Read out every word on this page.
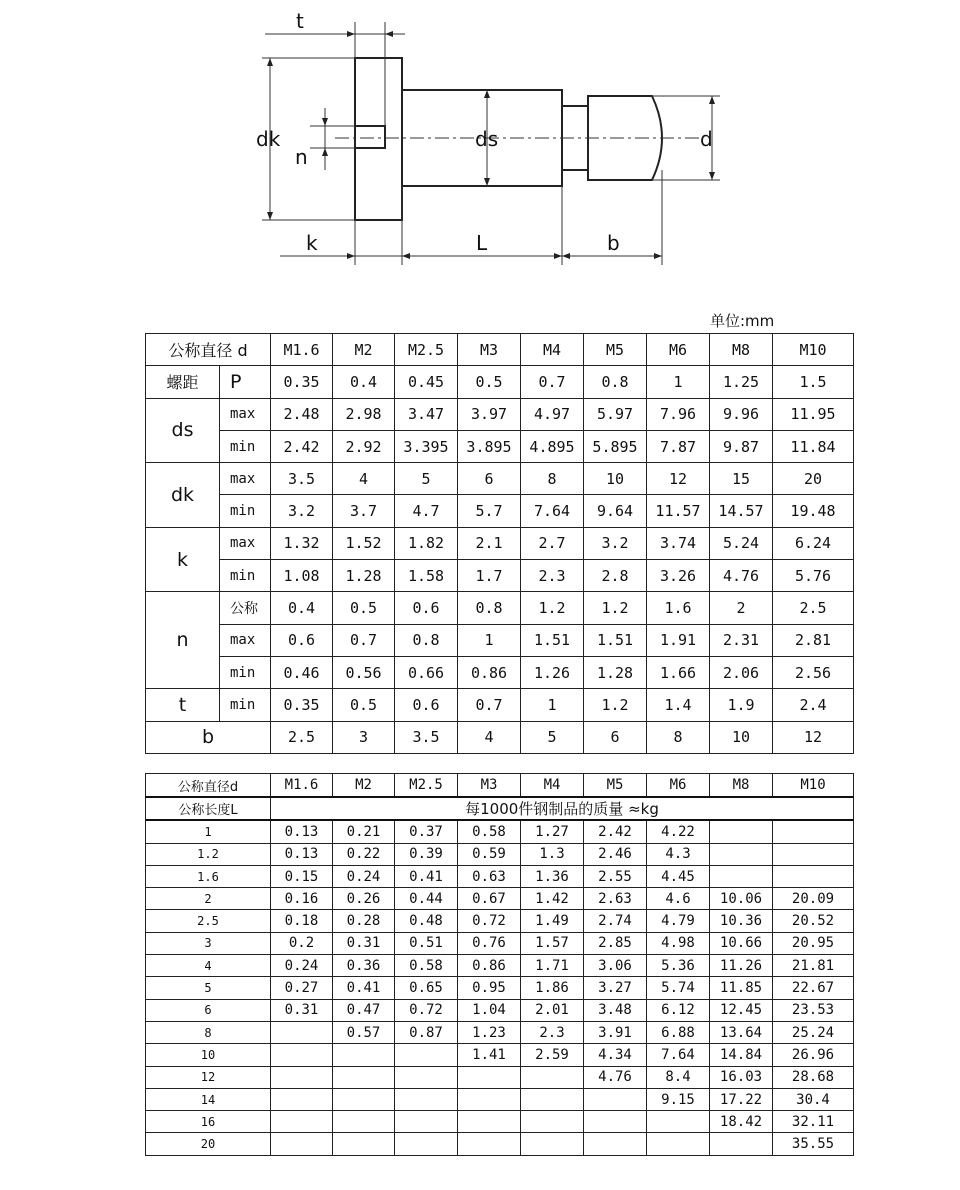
t
dk
n
ds	d
k	L	b
单位:mm
公称直径 d		M1.6	M2	M2.5	M3	M4	M5	M6	M8	M10
螺距	P	0.35	0.4	0.45	0.5	0.7	0.8	1	1.25	1.5
ds	max	2.48	2.98	3.47	3.97	4.97	5.97	7.96	9.96	11.95
	min	2.42	2.92	3.395	3.895	4.895	5.895	7.87	9.87	11.84
dk	max	3.5	4	5	6	8	10	12	15	20
	min	3.2	3.7	4.7	5.7	7.64	9.64	11.57	14.57	19.48
k	max	1.32	1.52	1.82	2.1	2.7	3.2	3.74	5.24	6.24
	min	1.08	1.28	1.58	1.7	2.3	2.8	3.26	4.76	5.76
n	公称	0.4	0.5	0.6	0.8	1.2	1.2	1.6	2	2.5
	max	0.6	0.7	0.8	1	1.51	1.51	1.91	2.31	2.81
	min	0.46	0.56	0.66	0.86	1.26	1.28	1.66	2.06	2.56
t	min	0.35	0.5	0.6	0.7	1	1.2	1.4	1.9	2.4
b		2.5	3	3.5	4	5	6	8	10	12
公称直径d	M1.6	M2	M2.5	M3	M4	M5	M6	M8	M10
公称长度L	每1000件钢制品的质量 ≈kg								
1	0.13	0.21	0.37	0.58	1.27	2.42	4.22		
1.2	0.13	0.22	0.39	0.59	1.3	2.46	4.3		
1.6	0.15	0.24	0.41	0.63	1.36	2.55	4.45		
2	0.16	0.26	0.44	0.67	1.42	2.63	4.6	10.06	20.09
2.5	0.18	0.28	0.48	0.72	1.49	2.74	4.79	10.36	20.52
3	0.2	0.31	0.51	0.76	1.57	2.85	4.98	10.66	20.95
4	0.24	0.36	0.58	0.86	1.71	3.06	5.36	11.26	21.81
5	0.27	0.41	0.65	0.95	1.86	3.27	5.74	11.85	22.67
6	0.31	0.47	0.72	1.04	2.01	3.48	6.12	12.45	23.53
8		0.57	0.87	1.23	2.3	3.91	6.88	13.64	25.24
10				1.41	2.59	4.34	7.64	14.84	26.96
12						4.76	8.4	16.03	28.68
14							9.15	17.22	30.4
16								18.42	32.11
20									35.55
